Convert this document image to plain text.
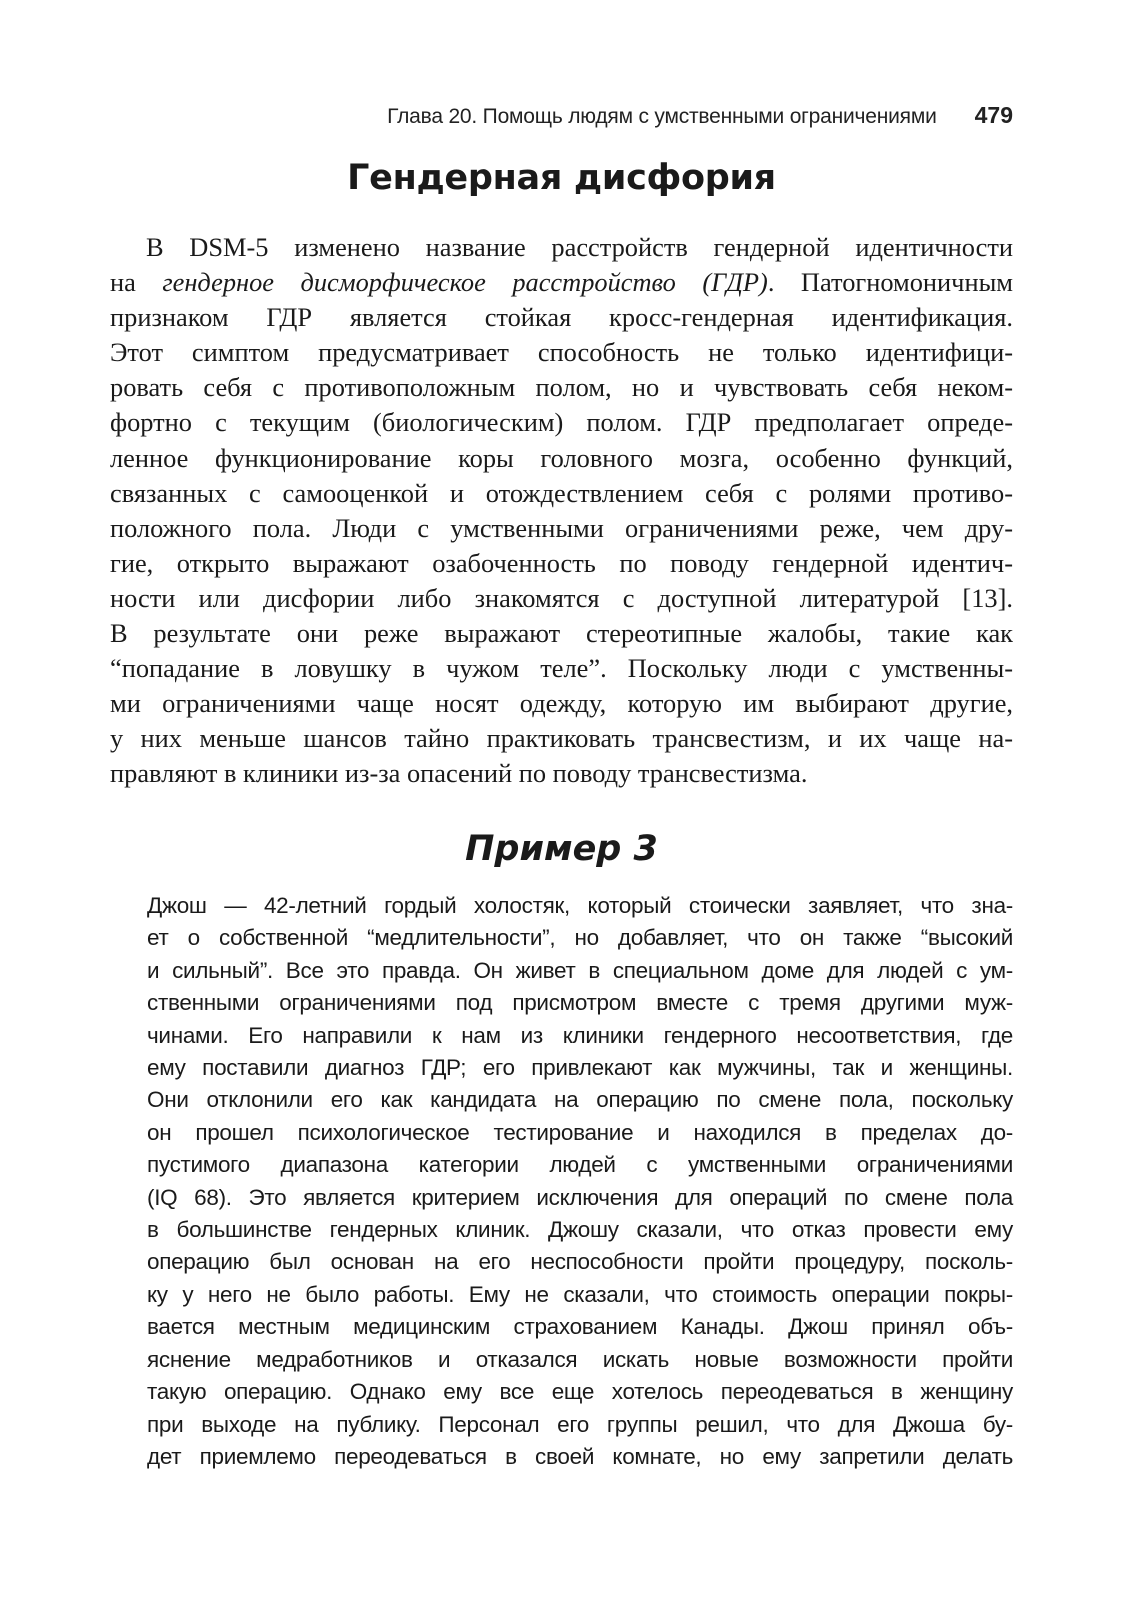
Глава 20. Помощь людям с умственными ограничениями 479
Гендерная дисфория
В DSM-5 изменено название расстройств гендерной идентичности
на гендерное дисморфическое расстройство (ГДР). Патогномоничным
признаком ГДР является стойкая кросс-гендерная идентификация.
Этот симптом предусматривает способность не только идентифици-
ровать себя с противоположным полом, но и чувствовать себя неком-
фортно с текущим (биологическим) полом. ГДР предполагает опреде-
ленное функционирование коры головного мозга, особенно функций,
связанных с самооценкой и отождествлением себя с ролями противо-
положного пола. Люди с умственными ограничениями реже, чем дру-
гие, открыто выражают озабоченность по поводу гендерной идентич-
ности или дисфории либо знакомятся с доступной литературой [13].
В результате они реже выражают стереотипные жалобы, такие как
“попадание в ловушку в чужом теле”. Поскольку люди с умственны-
ми ограничениями чаще носят одежду, которую им выбирают другие,
у них меньше шансов тайно практиковать трансвестизм, и их чаще на-
правляют в клиники из-за опасений по поводу трансвестизма.
Пример 3
Джош — 42-летний гордый холостяк, который стоически заявляет, что зна-
ет о собственной “медлительности”, но добавляет, что он также “высокий
и сильный”. Все это правда. Он живет в специальном доме для людей с ум-
ственными ограничениями под присмотром вместе с тремя другими муж-
чинами. Его направили к нам из клиники гендерного несоответствия, где
ему поставили диагноз ГДР; его привлекают как мужчины, так и женщины.
Они отклонили его как кандидата на операцию по смене пола, поскольку
он прошел психологическое тестирование и находился в пределах до-
пустимого диапазона категории людей с умственными ограничениями
(IQ 68). Это является критерием исключения для операций по смене пола
в большинстве гендерных клиник. Джошу сказали, что отказ провести ему
операцию был основан на его неспособности пройти процедуру, посколь-
ку у него не было работы. Ему не сказали, что стоимость операции покры-
вается местным медицинским страхованием Канады. Джош принял объ-
яснение медработников и отказался искать новые возможности пройти
такую операцию. Однако ему все еще хотелось переодеваться в женщину
при выходе на публику. Персонал его группы решил, что для Джоша бу-
дет приемлемо переодеваться в своей комнате, но ему запретили делать
